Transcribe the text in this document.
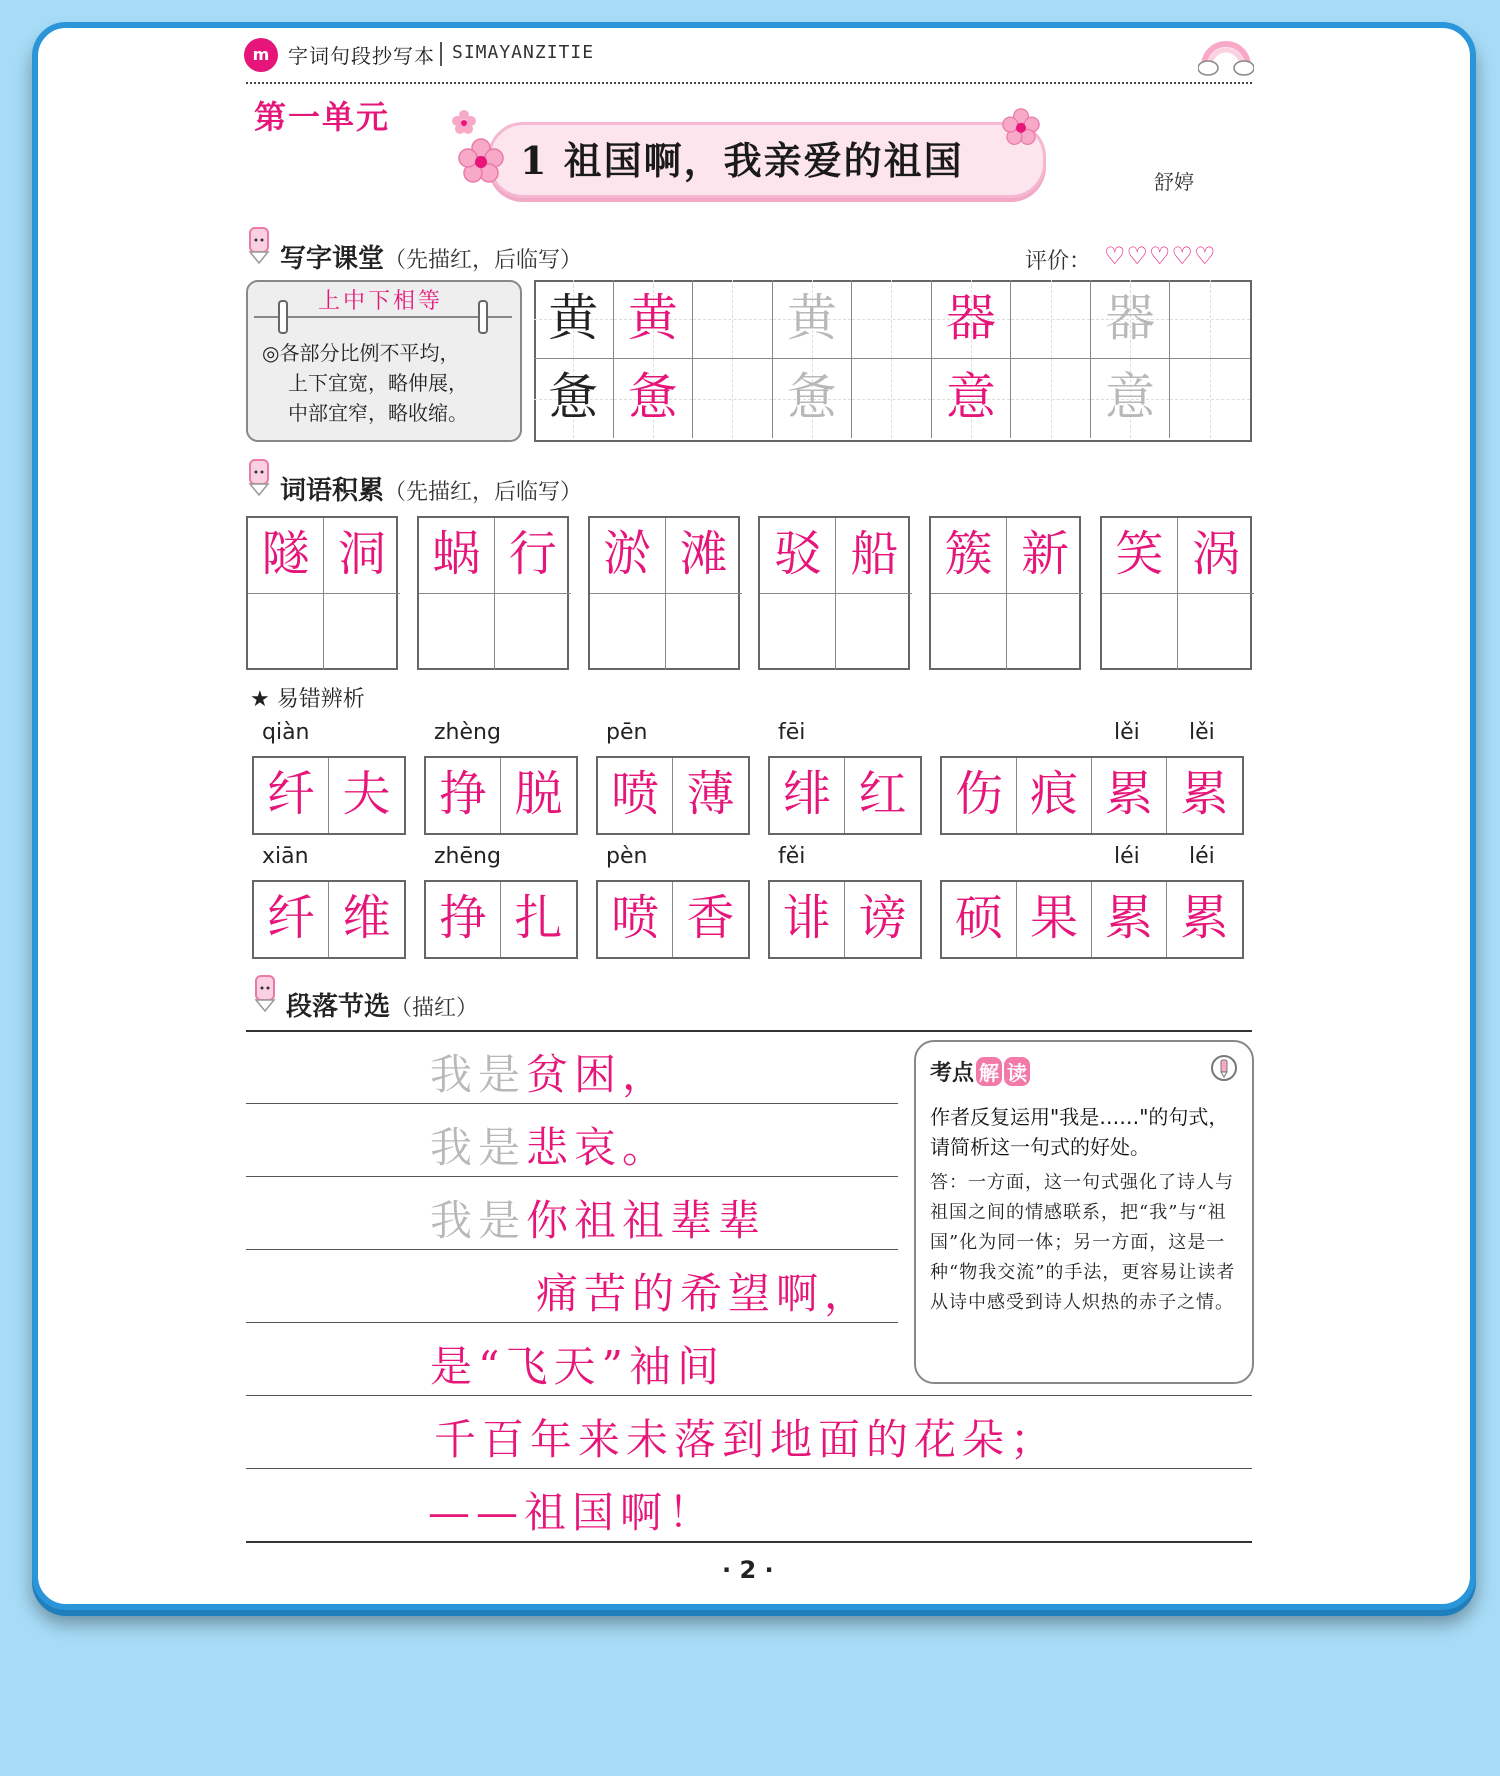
m 字词句段抄写本 SIMAYANZITIE
第一单元
1 祖国啊，我亲爱的祖国	舒婷
写字课堂（先描红，后临写）	评价： ♡♡♡♡♡
上中下相等
◎各部分比例不平均，
上下宜宽，略伸展，
中部宜窄，略收缩。
黄 黄 黄 器 器
惫 惫 惫 意 意
词语积累（先描红，后临写）
隧 洞 蜗 行 淤 滩 驳 船 簇 新 笑 涡
★ 易错辨析
纤 夫
qiàn
挣 脱
zhèng
喷 薄
pēn
绯 红
fēi
伤 痕 累 累
lěi lěi
纤 维
xiān
挣 扎
zhēng
喷 香
pèn
诽 谤
fěi
硕 果 累 累
léi léi
段落节选（描红）
我是贫困，
我是悲哀。
我是你祖祖辈辈
痛苦的希望啊，
是“飞天”袖间
千百年来未落到地面的花朵；
——祖国啊！
考点 解 读
作者反复运用"我是……"的句式，请简析这一句式的好处。
答：一方面，这一句式强化了诗人与祖国之间的情感联系，把“我”与“祖国”化为同一体；另一方面，这是一种“物我交流”的手法，更容易让读者从诗中感受到诗人炽热的赤子之情。
· 2 ·
